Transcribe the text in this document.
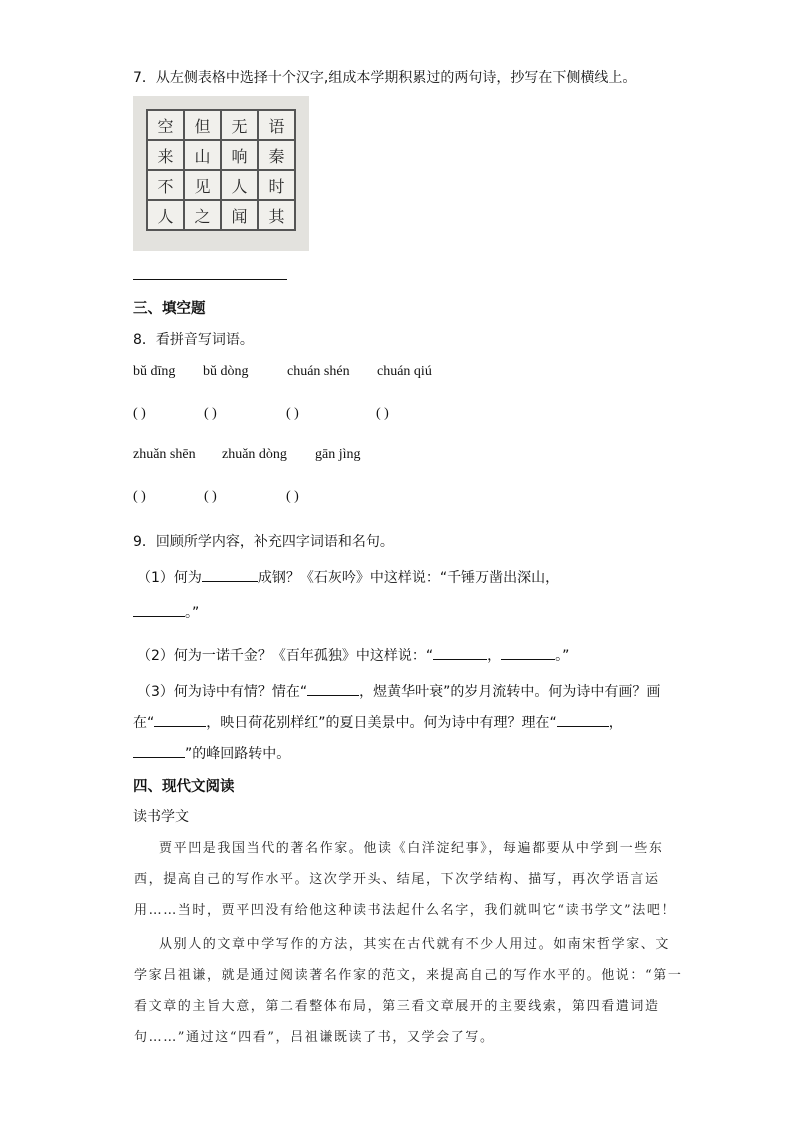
7．从左侧表格中选择十个汉字,组成本学期积累过的两句诗，抄写在下侧横线上。
空	但	无	语
来	山	响	秦
不	见	人	时
人	之	闻	其
三、填空题
8．看拼音写词语。
bǔ dīng bǔ dòng	chuán shén chuán qiú
( )	( )	( )	( )
zhuǎn shēn zhuǎn dòng gān jìng
( )	( )	( )
9．回顾所学内容，补充四字词语和名句。
（1）何为	成钢？《石灰吟》中这样说：“千锤万凿出深山，
。”
（2）何为一诺千金？《百年孤独》中这样说：“	，	。”
（3）何为诗中有情？情在“	，煜黄华叶衰”的岁月流转中。何为诗中有画？画
在“	，映日荷花别样红”的夏日美景中。何为诗中有理？理在“	，
”的峰回路转中。
四、现代文阅读
读书学文
贾平凹是我国当代的著名作家。他读《白洋淀纪事》，每遍都要从中学到一些东
西，提高自己的写作水平。这次学开头、结尾，下次学结构、描写，再次学语言运
用……当时，贾平凹没有给他这种读书法起什么名字，我们就叫它“读书学文”法吧！
从别人的文章中学写作的方法，其实在古代就有不少人用过。如南宋哲学家、文
学家吕祖谦，就是通过阅读著名作家的范文，来提高自己的写作水平的。他说：“第一
看文章的主旨大意，第二看整体布局，第三看文章展开的主要线索，第四看遣词造
句……”通过这“四看”，吕祖谦既读了书，又学会了写。
